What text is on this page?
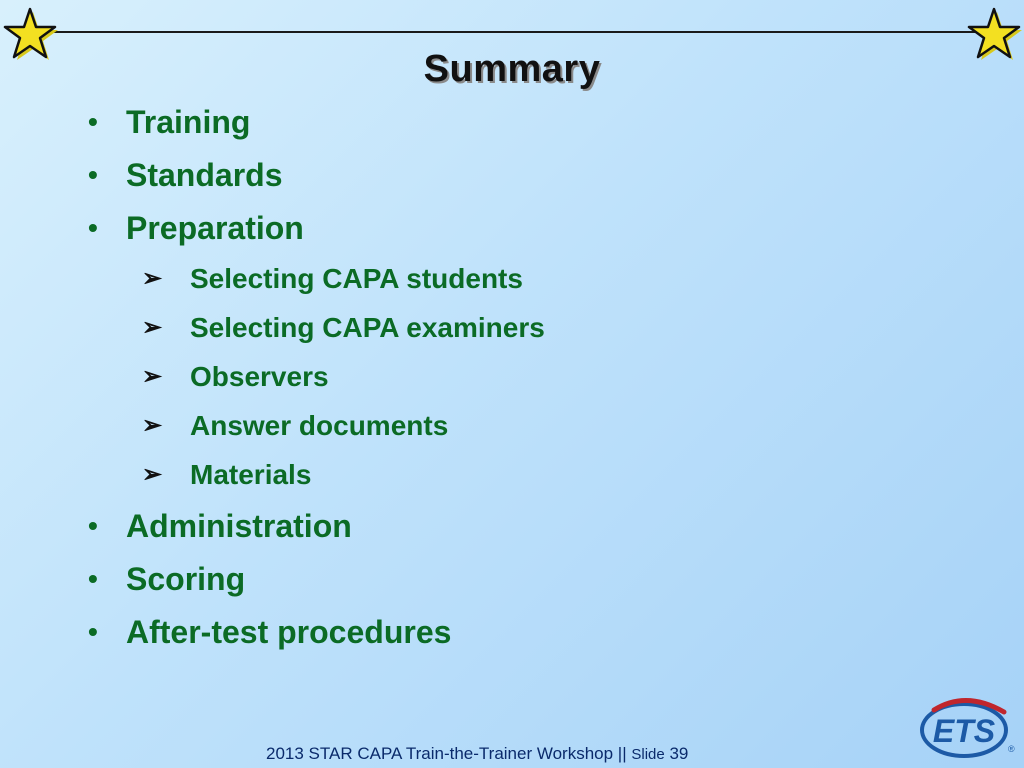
Summary
• Training
• Standards
• Preparation
➢ Selecting CAPA students
➢ Selecting CAPA examiners
➢ Observers
➢ Answer documents
➢ Materials
• Administration
• Scoring
• After-test procedures
2013 STAR CAPA Train-the-Trainer Workshop || Slide 39
ETS ®
